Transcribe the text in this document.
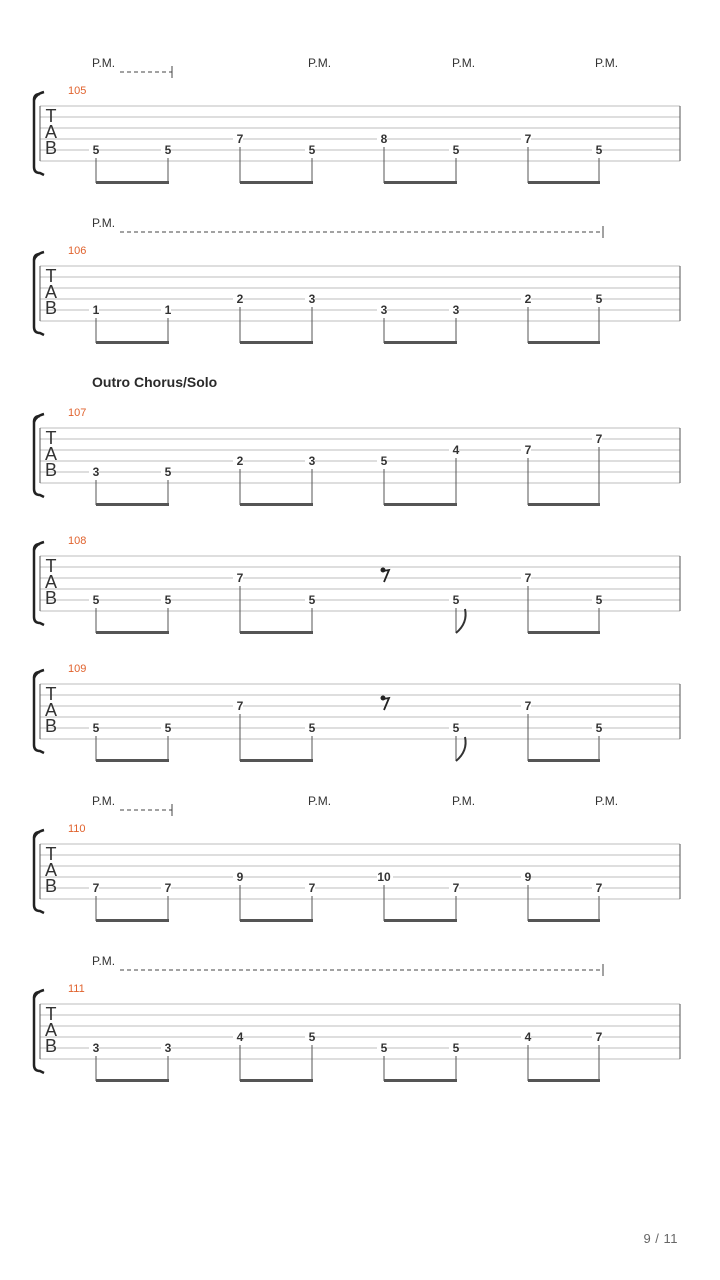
T
A
B
105
P.M.	P.M.	P.M.	P.M.
5	5
7
5
8
5
7
5
T
A
B
106
P.M.
1	1
2	3
3	3
2	5
T
A
B
107
3	5
2	3	5
4	7
7
T
A
B
108
5	5
7
5	5
7
5
T
A
B
109
5	5
7
5	5
7
5
T
A
B
110
P.M.	P.M.	P.M.	P.M.
7	7
9
7
10
7
9
7
T
A
B
111
P.M.
3	3
4	5
5	5
4	7
Outro Chorus/Solo
9 / 11
